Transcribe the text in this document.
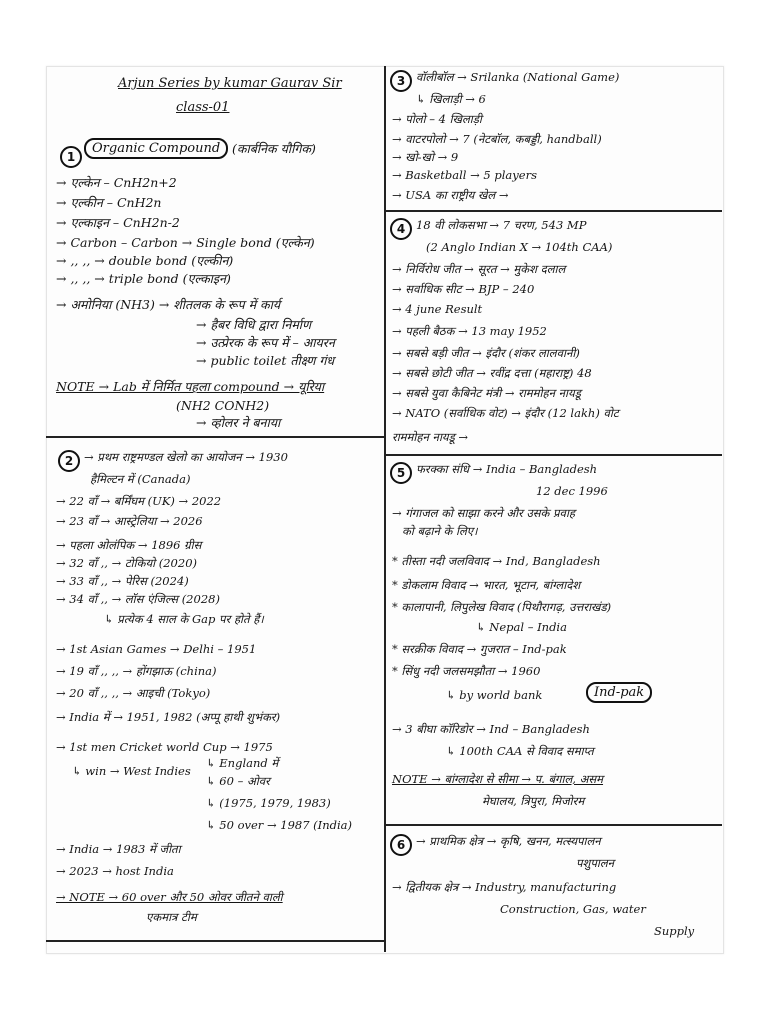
Arjun Series by kumar Gaurav Sir
class-01
1
Organic Compound (कार्बनिक यौगिक)
→ एल्केन – CnH2n+2
→ एल्कीन – CnH2n
→ एल्काइन – CnH2n-2
→ Carbon – Carbon → Single bond (एल्केन)
→ ,, ,, → double bond (एल्कीन)
→ ,, ,, → triple bond (एल्काइन)
→ अमोनिया (NH3) → शीतलक के रूप में कार्य
→ हैबर विधि द्वारा निर्माण
→ उत्प्रेरक के रूप में – आयरन
→ public toilet तीक्ष्ण गंध
NOTE → Lab में निर्मित पहला compound → यूरिया
(NH2 CONH2)
→ व्होलर ने बनाया
2 → प्रथम राष्ट्रमण्डल खेलो का आयोजन → 1930
हैमिल्टन में (Canada)
→ 22 वाँ → बर्मिंघम (UK) → 2022
→ 23 वाँ → आस्ट्रेलिया → 2026
→ पहला ओलंपिक → 1896 ग्रीस
→ 32 वाँ ,, → टोकियो (2020)
→ 33 वाँ ,, → पेरिस (2024)
→ 34 वाँ ,, → लॉस एंजिल्स (2028)
↳ प्रत्येक 4 साल के Gap पर होते हैं।
→ 1st Asian Games → Delhi – 1951
→ 19 वाँ ,, ,, → होंगझाऊ (china)
→ 20 वाँ ,, ,, → आइची (Tokyo)
→ India में → 1951, 1982 (अप्पू हाथी शुभंकर)
→ 1st men Cricket world Cup → 1975
↳ win → West Indies
↳ England में
↳ 60 – ओवर
↳ (1975, 1979, 1983)
↳ 50 over → 1987 (India)
→ India → 1983 में जीता
→ 2023 → host India
→ NOTE → 60 over और 50 ओवर जीतने वाली
एकमात्र टीम
3 वॉलीबॉल → Srilanka (National Game)
↳ खिलाड़ी → 6
→ पोलो – 4 खिलाड़ी
→ वाटरपोलो → 7 (नेटबॉल, कबड्डी, handball)
→ खो-खो → 9
→ Basketball → 5 players
→ USA का राष्ट्रीय खेल →
4 18 वी लोकसभा → 7 चरण, 543 MP
(2 Anglo Indian X → 104th CAA)
→ निर्विरोध जीत → सूरत → मुकेश दलाल
→ सर्वाधिक सीट → BJP – 240
→ 4 june Result
→ पहली बैठक → 13 may 1952
→ सबसे बड़ी जीत → इंदौर (शंकर लालवानी)
→ सबसे छोटी जीत → रवींद्र दत्ता (महाराष्ट्र) 48
→ सबसे युवा कैबिनेट मंत्री → राममोहन नायडू
→ NATO (सर्वाधिक वोट) → इंदौर (12 lakh) वोट
राममोहन नायडू →
5 फरक्का संधि → India – Bangladesh
12 dec 1996
→ गंगाजल को साझा करने और उसके प्रवाह
को बढ़ाने के लिए।
* तीस्ता नदी जलविवाद → Ind, Bangladesh
* डोकलाम विवाद → भारत, भूटान, बांग्लादेश
* कालापानी, लिपुलेख विवाद (पिथौरागढ़, उत्तराखंड)
↳ Nepal – India
* सरक्रीक विवाद → गुजरात – Ind-pak
* सिंधु नदी जलसमझौता → 1960
↳ by world bank	Ind-pak
→ 3 बीघा कॉरिडोर → Ind – Bangladesh
↳ 100th CAA से विवाद समाप्त
NOTE → बांग्लादेश से सीमा → प. बंगाल, असम
मेघालय, त्रिपुरा, मिजोरम
6 → प्राथमिक क्षेत्र → कृषि, खनन, मत्स्यपालन
पशुपालन
→ द्वितीयक क्षेत्र → Industry, manufacturing
Construction, Gas, water
Supply
